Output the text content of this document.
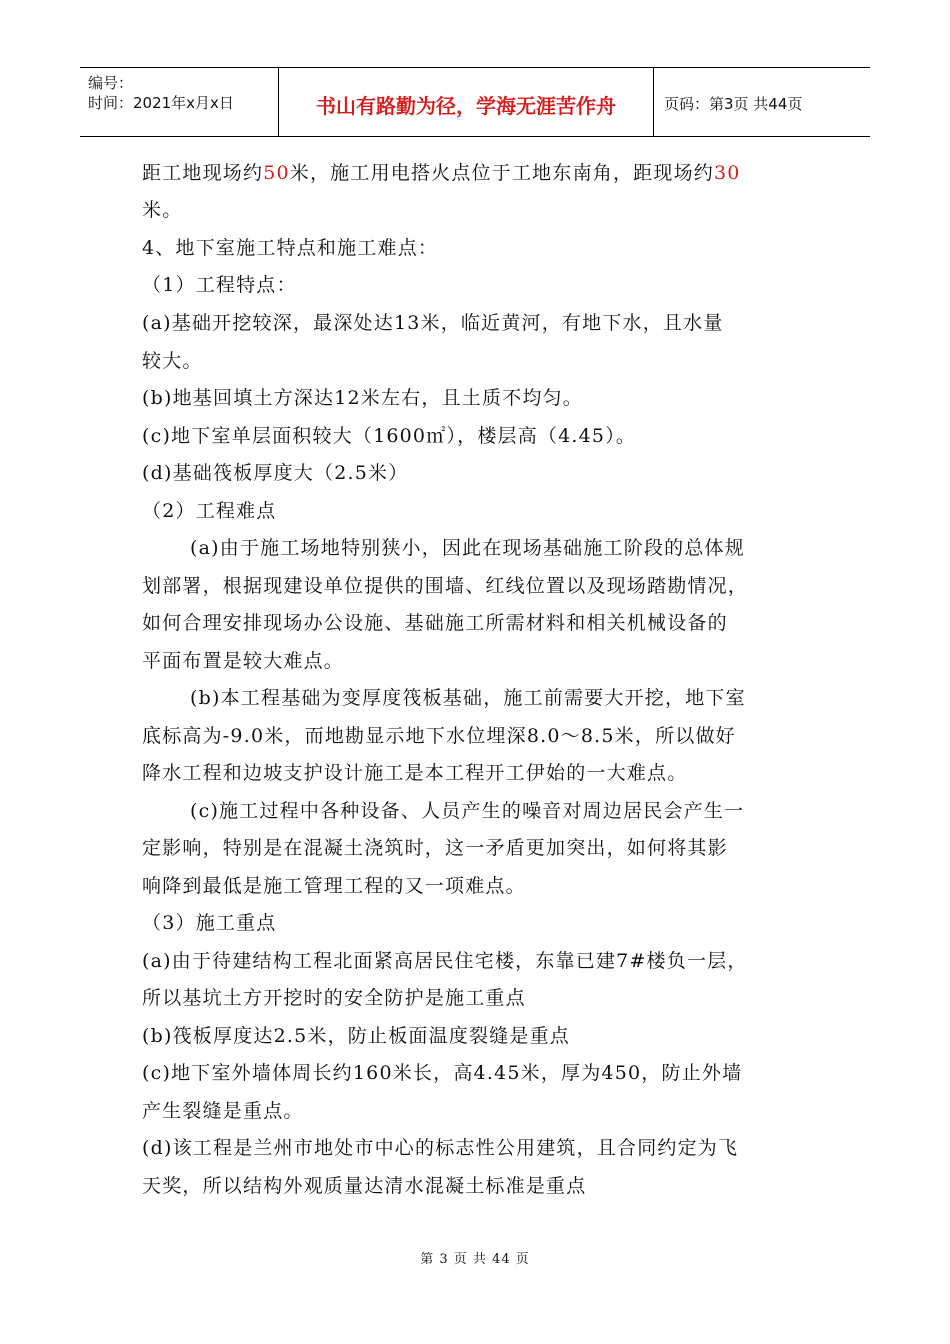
编号：
时间：2021年x月x日	书山有路勤为径，学海无涯苦作舟	页码：第3页 共44页
距工地现场约50米，施工用电搭火点位于工地东南角，距现场约30
米。
4、地下室施工特点和施工难点：
（1）工程特点：
(a)基础开挖较深，最深处达13米，临近黄河，有地下水，且水量
较大。
(b)地基回填土方深达12米左右，且土质不均匀。
(c)地下室单层面积较大（1600㎡），楼层高（4.45）。
(d)基础筏板厚度大（2.5米）
（2）工程难点
(a)由于施工场地特别狭小，因此在现场基础施工阶段的总体规
划部署，根据现建设单位提供的围墙、红线位置以及现场踏勘情况，
如何合理安排现场办公设施、基础施工所需材料和相关机械设备的
平面布置是较大难点。
(b)本工程基础为变厚度筏板基础，施工前需要大开挖，地下室
底标高为-9.0米，而地勘显示地下水位埋深8.0～8.5米，所以做好
降水工程和边坡支护设计施工是本工程开工伊始的一大难点。
(c)施工过程中各种设备、人员产生的噪音对周边居民会产生一
定影响，特别是在混凝土浇筑时，这一矛盾更加突出，如何将其影
响降到最低是施工管理工程的又一项难点。
（3）施工重点
(a)由于待建结构工程北面紧高居民住宅楼，东靠已建7#楼负一层，
所以基坑土方开挖时的安全防护是施工重点
(b)筏板厚度达2.5米，防止板面温度裂缝是重点
(c)地下室外墙体周长约160米长，高4.45米，厚为450，防止外墙
产生裂缝是重点。
(d)该工程是兰州市地处市中心的标志性公用建筑，且合同约定为飞
天奖，所以结构外观质量达清水混凝土标准是重点
第 3 页 共 44 页
